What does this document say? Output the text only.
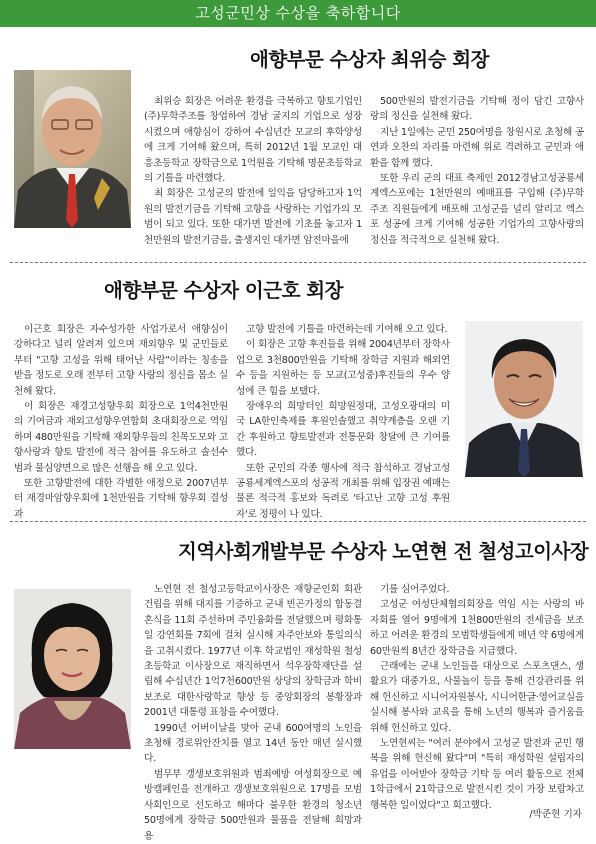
고성군민상 수상을 축하합니다
애향부문 수상자 최위승 회장

최위승 회장은 어려운 환경을 극복하고 향토기업인 (주)무학주조를 창업하여 경남 굴지의 기업으로 성장시켰으며 애향심이 강하여 수십년간 모교의 후학양성에 크게 기여해 왔으며, 특히 2012년 1월 모교인 대흥초등학교 장학금으로 1억원을 기탁해 명문초등학교의 기틀을 마련했다.

최 회장은 고성군의 발전에 일익을 담당하고자 1억원의 발전기금을 기탁해 고향을 사랑하는 기업가의 모범이 되고 있다. 또한 대가면 발전에 기초를 놓고자 1천만원의 발전기금을, 출생지인 대가면 암전마을에

500만원의 발전기금을 기탁해 정이 담긴 고향사랑의 정신을 실천해 왔다.

지난 1일에는 군민 250여명을 창원시로 초청해 공연과 오찬의 자리를 마련해 위로 격려하고 군민과 애환을 함께 했다.

또한 우리 군의 대표 축제인 2012경남고성공룡세계엑스포에는 1천만원의 예매표를 구입해 (주)무학주조 직원들에게 배포해 고성군을 널리 알리고 엑스포 성공에 크게 기여해 성공한 기업가의 고향사랑의 정신을 적극적으로 실천해 왔다.

애향부문 수상자 이근호 회장

이근호 회장은 자수성가한 사업가로서 애향심이 강하다고 널리 알려져 있으며 재외향우 및 군민들로부터 "고향 고성을 위해 태어난 사람"이라는 칭송을 받을 정도로 오래 전부터 고향 사랑의 정신을 몸소 실천해 왔다.

이 회장은 재경고성향우회 회장으로 1억4천만원의 기여금과 재외고성향우연합회 초대회장으로 역임하며 480만원을 기탁해 재외향우들의 친목도모와 고향사랑과 향토 발전에 적극 참여를 유도하고 솔선수범과 물심양면으로 많은 선행을 해 오고 있다.

또한 고향발전에 대한 각별한 애정으로 2007년부터 재경마암향우회에 1천만원을 기탁해 향우회 결성과

고향 발전에 기틀을 마련하는데 기여해 오고 있다.

이 회장은 고향 후진들을 위해 2004년부터 장학사업으로 3천800만원을 기탁해 장학금 지원과 해외연수 등을 지원하는 등 모교(고성중)후진들의 우수 양성에 큰 힘을 보탰다.

장애우의 희망터인 희망원정대, 고성오광대의 미국 LA한인축제를 후원인솔했고 취약계층을 오랜 기간 후원하고 향토발전과 전통문화 창달에 큰 기여를 했다.

또한 군민의 각종 행사에 적극 참석하고 경남고성공룡세계엑스포의 성공적 개최를 위해 입장권 예매는 물론 적극적 홍보와 독려로 '타고난 고향 고성 후원자'로 정평이 나 있다.

지역사회개발부문 수상자 노연현 전 철성고이사장

노연현 전 철성고등학교이사장은 재향군인회 회관건립을 위해 대지를 기증하고 군내 빈곤가정의 합동결혼식을 11회 주선하며 주민융화를 전달했으며 평화통일 강연회를 7회에 걸쳐 실시해 자주안보와 통일의식을 고취시켰다. 1977년 이후 학교법인 재성학원 철성초등학교 이사장으로 재직하면서 석우장학재단을 설립해 수십년간 1억7천600만원 상당의 장학금과 학비보조로 대한사랑학교 향상 등 중앙회장의 봉황장과 2001년 대통령 표창을 수여했다.

1990년 어버이날을 맞아 군내 600여명의 노인을 초청해 경로위안잔치를 열고 14년 동안 매년 실시했다.

범무부 갱생보호위원과 범죄예방 여성회장으로 예방캠페인을 전개하고 갱생보호위원으로 17명을 모범 사회인으로 선도하고 해마다 불우한 환경의 청소년 50명에게 장학금 500만원과 물품을 전달해 희망과 용

기를 심어주었다.

고성군 여성단체협의회장을 역임 시는 사랑의 바자회를 열어 9명에게 1천800만원의 전세금을 보조하고 어려운 환경의 모범학생들에게 매년 약 6명에게 60만원씩 8년간 장학금을 지급했다.

근래에는 군내 노인들을 대상으로 스포츠댄스, 생활요가 대중가요, 사물놀이 등을 통해 건강관리를 위해 헌신하고 시니어자원봉사, 시니어한글·영어교실을 실시해 봉사와 교육을 통해 노년의 행복과 즐거움을 위해 헌신하고 있다.

노연현씨는 "여러 분야에서 고성군 발전과 군민 행복을 위해 헌신해 왔다"며 "특히 재성학원 설립자의 유업을 이어받아 장학금 기탁 등 여러 활동으로 전체 1학급에서 21학급으로 발전시킨 것이 가장 보람차고 행복한 일이었다"고 회고했다.

/박준현 기자
